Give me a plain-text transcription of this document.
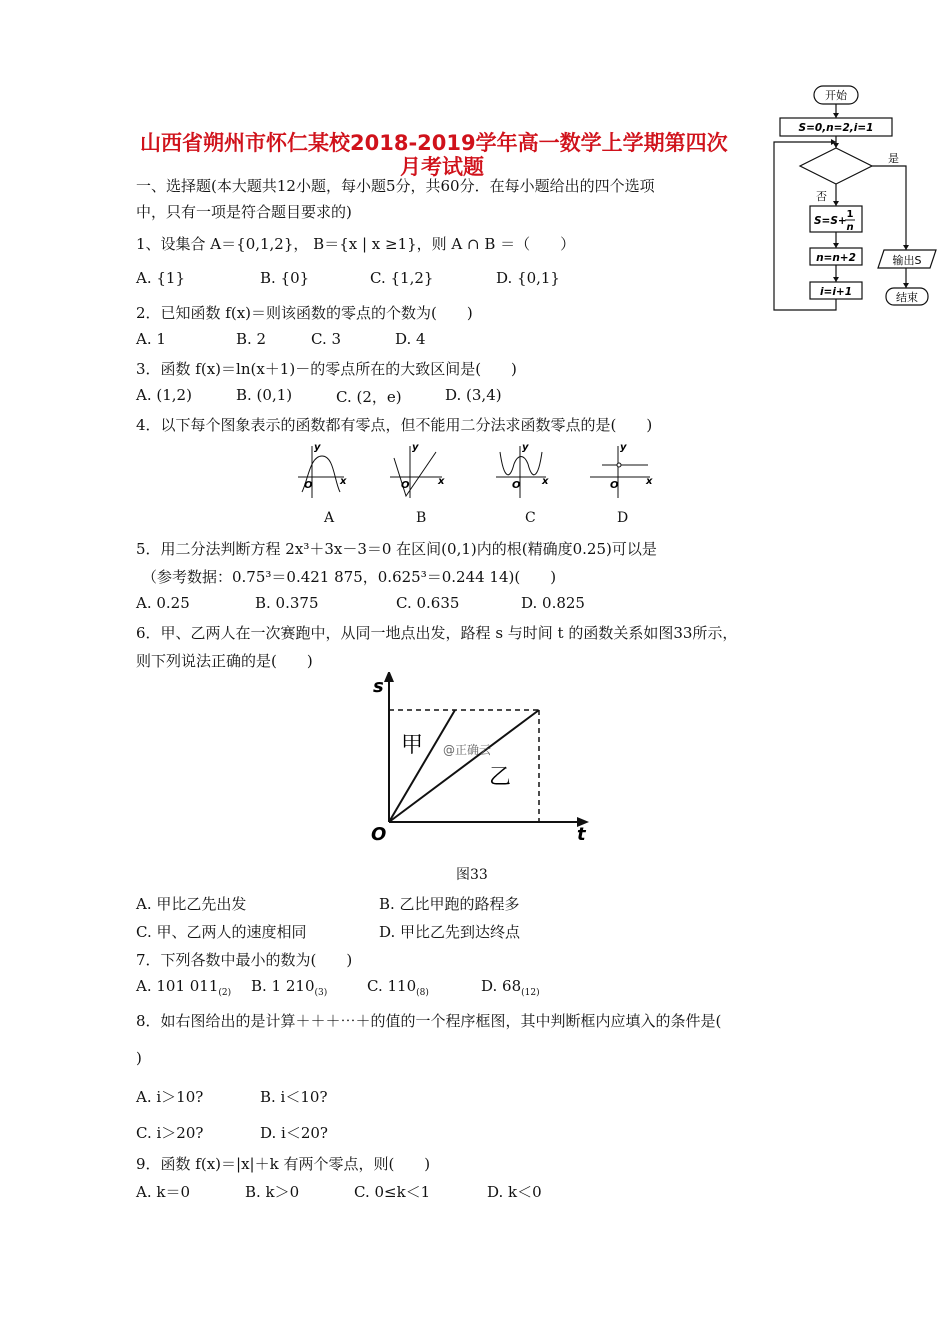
山西省朔州市怀仁某校2018-2019学年高一数学上学期第四次
月考试题
开始
S=0,n=2,i=1
是
否
S=S+
1
n
n=n+2
i=i+1
输出S
结束
一、选择题(本大题共12小题，每小题5分，共60分．在每小题给出的四个选项
中，只有一项是符合题目要求的)
1、设集合 A＝{0,1,2}， B＝{x | x ≥1}，则 A ∩ B ＝（　　）
A. {1}	B. {0}	C. {1,2}	D. {0,1}
2．已知函数 f(x)＝则该函数的零点的个数为(　　)
A. 1	B. 2	C. 3	D. 4
3．函数 f(x)＝ln(x＋1)－的零点所在的大致区间是(　　)
A. (1,2)	B. (0,1)	C. (2，e)	D. (3,4)
4．以下每个图象表示的函数都有零点，但不能用二分法求函数零点的是(　　)
y
x
O
y
x
O
y
x
O
y
x
O
A	B	C	D
5．用二分法判断方程 2x³＋3x－3＝0 在区间(0,1)内的根(精确度0.25)可以是
（参考数据：0.75³＝0.421 875，0.625³＝0.244 14)(　　)
A. 0.25	B. 0.375	C. 0.635	D. 0.825
6．甲、乙两人在一次赛跑中，从同一地点出发，路程 s 与时间 t 的函数关系如图33所示，
则下列说法正确的是(　　)
s
t
O
甲
乙
@正确云
图33
A. 甲比乙先出发	B. 乙比甲跑的路程多
C. 甲、乙两人的速度相同	D. 甲比乙先到达终点
7．下列各数中最小的数为(　　)
A. 101 $011_{(2)}$ B. 1 $210_{(3)}$	C. $110_{(8)}$	D. $68_{(12)}$
8．如右图给出的是计算＋＋＋⋯＋的值的一个程序框图，其中判断框内应填入的条件是(
)
A. i＞10?	B. i＜10?
C. i＞20?	D. i＜20?
9．函数 f(x)＝|x|＋k 有两个零点，则(　　)
A. k＝0	B. k＞0	C. 0≤k＜1	D. k＜0
